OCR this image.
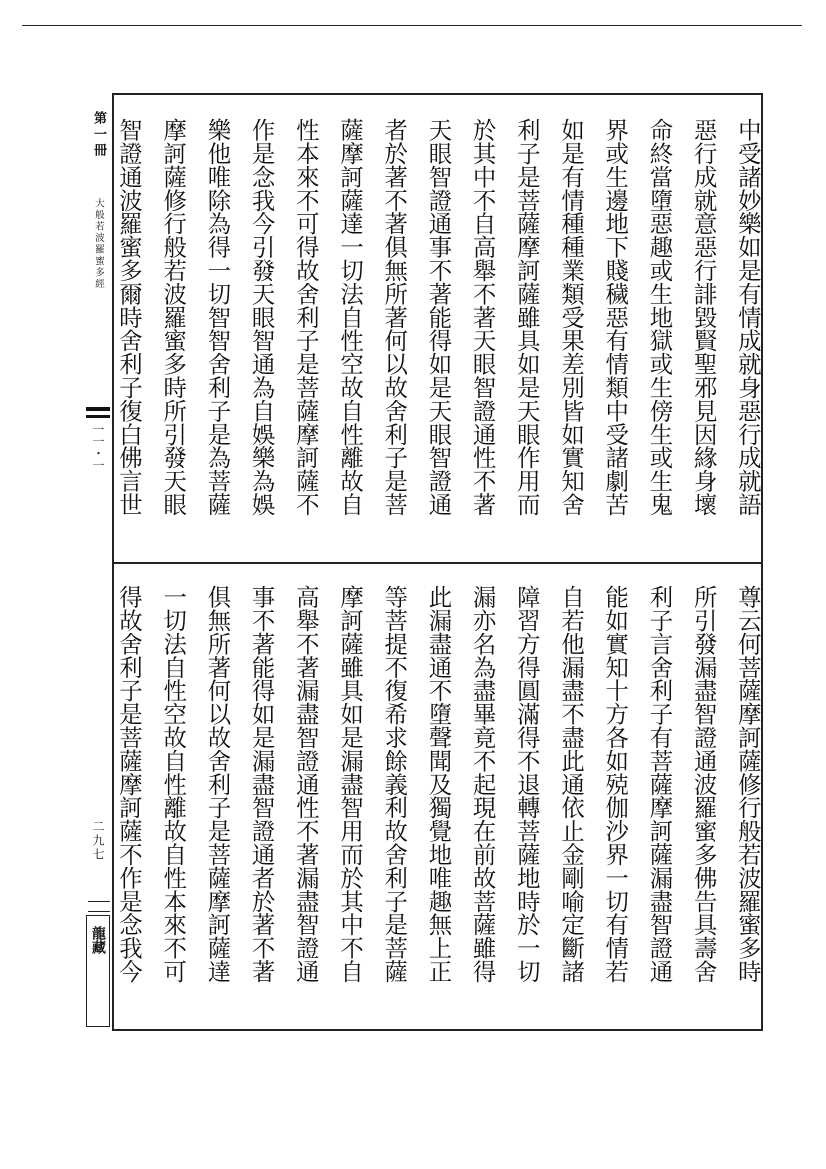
第一冊
大般若波羅蜜多經
一一・一
二九七
龍藏
中受諸妙樂如是有情成就身惡行成就語
惡行成就意惡行誹毀賢聖邪見因緣身壞
命終當墮惡趣或生地獄或生傍生或生鬼
界或生邊地下賤穢惡有情類中受諸劇苦
如是有情種種業類受果差別皆如實知舍
利子是菩薩摩訶薩雖具如是天眼作用而
於其中不自高舉不著天眼智證通性不著
天眼智證通事不著能得如是天眼智證通
者於著不著俱無所著何以故舍利子是菩
薩摩訶薩達一切法自性空故自性離故自
性本來不可得故舍利子是菩薩摩訶薩不
作是念我今引發天眼智通為自娛樂為娛
樂他唯除為得一切智智舍利子是為菩薩
摩訶薩修行般若波羅蜜多時所引發天眼
智證通波羅蜜多爾時舍利子復白佛言世
尊云何菩薩摩訶薩修行般若波羅蜜多時
所引發漏盡智證通波羅蜜多佛告具壽舍
利子言舍利子有菩薩摩訶薩漏盡智證通
能如實知十方各如殑伽沙界一切有情若
自若他漏盡不盡此通依止金剛喻定斷諸
障習方得圓滿得不退轉菩薩地時於一切
漏亦名為盡畢竟不起現在前故菩薩雖得
此漏盡通不墮聲聞及獨覺地唯趣無上正
等菩提不復希求餘義利故舍利子是菩薩
摩訶薩雖具如是漏盡智用而於其中不自
高舉不著漏盡智證通性不著漏盡智證通
事不著能得如是漏盡智證通者於著不著
俱無所著何以故舍利子是菩薩摩訶薩達
一切法自性空故自性離故自性本來不可
得故舍利子是菩薩摩訶薩不作是念我今
